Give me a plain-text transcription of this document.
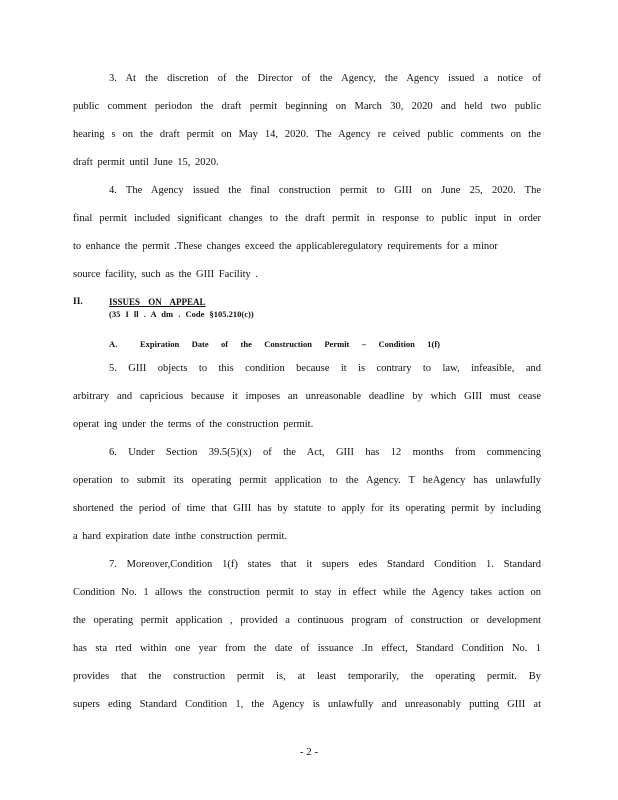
3. At the discretion of the Director of the Agency, the Agency issued a notice of
public comment periodon the draft permit beginning on March 30, 2020 and held two public
hearing s on the draft permit on May 14, 2020. The Agency re ceived public comments on the
draft permit until June 15, 2020.
4. The Agency issued the final construction permit to GIII on June 25, 2020. The
final permit included significant changes to the draft permit in response to public input in order
to enhance the permit .These changes exceed the applicableregulatory requirements for a minor
source facility, such as the GIII Facility .
II.	ISSUES ON APPEAL
(35 I ll . A dm . Code §105.210(c))
A.	Expiration Date of the Construction Permit – Condition 1(f)
5. GIII objects to this condition because it is contrary to law, infeasible, and
arbitrary and capricious because it imposes an unreasonable deadline by which GIII must cease
operat ing under the terms of the construction permit.
6. Under Section 39.5(5)(x) of the Act, GIII has 12 months from commencing
operation to submit its operating permit application to the Agency. T heAgency has unlawfully
shortened the period of time that GIII has by statute to apply for its operating permit by including
a hard expiration date inthe construction permit.
7. Moreover,Condition 1(f) states that it supers edes Standard Condition 1. Standard
Condition No. 1 allows the construction permit to stay in effect while the Agency takes action on
the operating permit application , provided a continuous program of construction or development
has sta rted within one year from the date of issuance .In effect, Standard Condition No. 1
provides that the construction permit is, at least temporarily, the operating permit. By
supers eding Standard Condition 1, the Agency is unlawfully and unreasonably putting GIII at
- 2 -
